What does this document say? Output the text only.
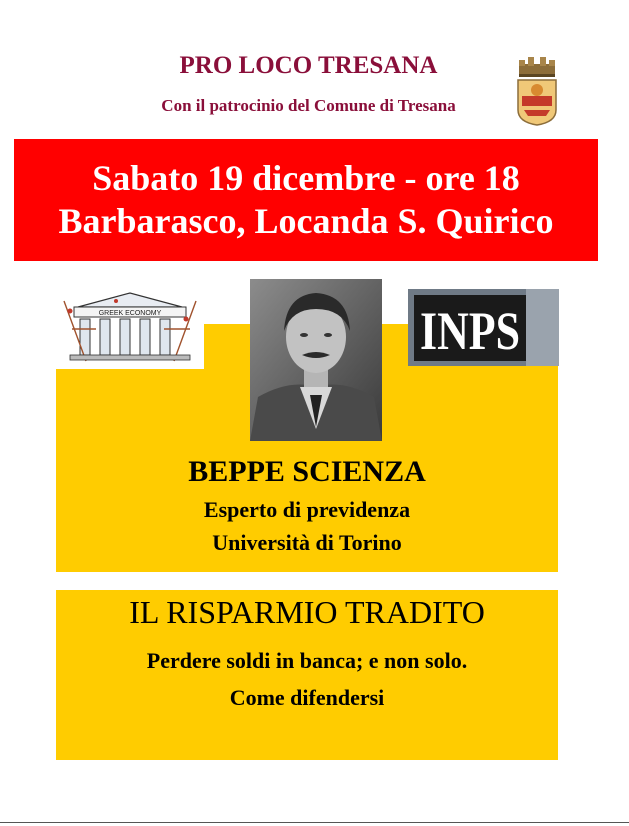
PRO LOCO TRESANA
Con il patrocinio del Comune di Tresana
Sabato 19 dicembre - ore 18
Barbarasco, Locanda S. Quirico
GREEK ECONOMY	INPS
BEPPE SCIENZA
Esperto di previdenza
Università di Torino
IL RISPARMIO TRADITO
Perdere soldi in banca; e non solo.
Come difendersi
